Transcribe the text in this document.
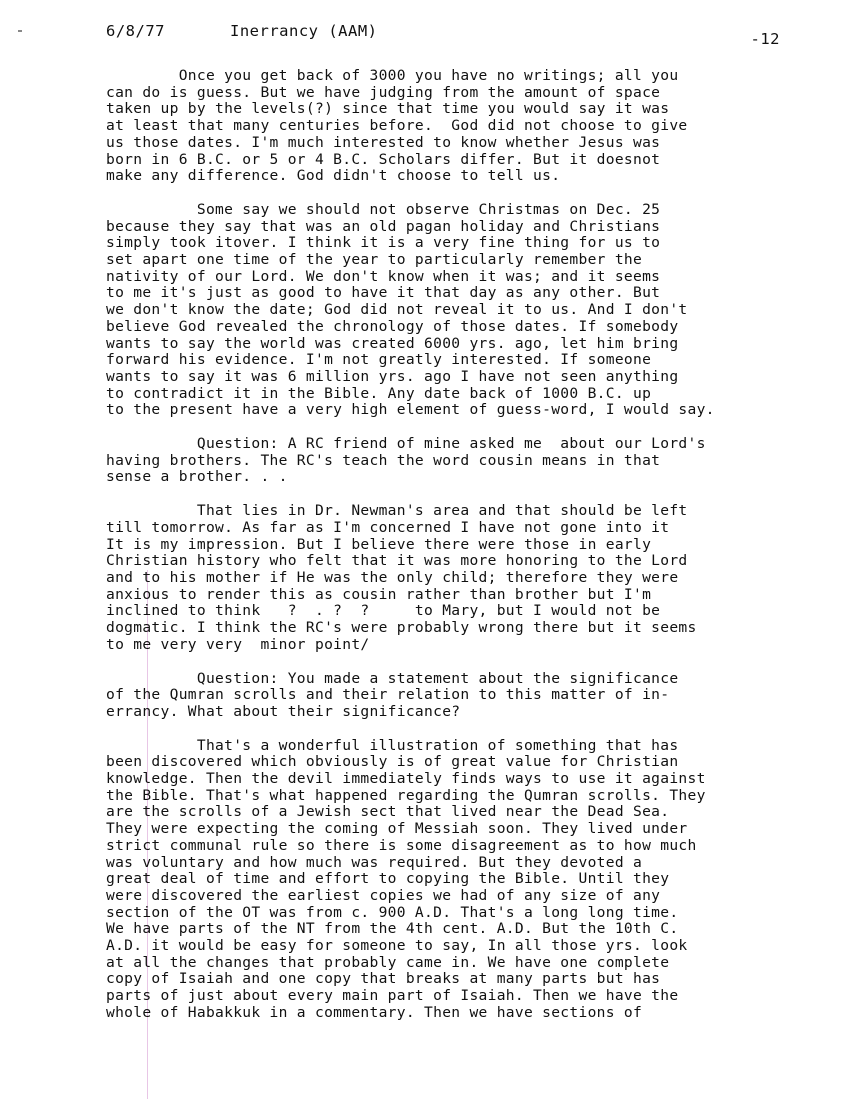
6/8/77	Inerrancy (AAM)	-12
Once you get back of 3000 you have no writings; all you
can do is guess. But we have judging from the amount of space
taken up by the levels(?) since that time you would say it was
at least that many centuries before.  God did not choose to give
us those dates. I'm much interested to know whether Jesus was
born in 6 B.C. or 5 or 4 B.C. Scholars differ. But it doesnot
make any difference. God didn't choose to tell us.
Some say we should not observe Christmas on Dec. 25
because they say that was an old pagan holiday and Christians
simply took itover. I think it is a very fine thing for us to
set apart one time of the year to particularly remember the
nativity of our Lord. We don't know when it was; and it seems
to me it's just as good to have it that day as any other. But
we don't know the date; God did not reveal it to us. And I don't
believe God revealed the chronology of those dates. If somebody
wants to say the world was created 6000 yrs. ago, let him bring
forward his evidence. I'm not greatly interested. If someone
wants to say it was 6 million yrs. ago I have not seen anything
to contradict it in the Bible. Any date back of 1000 B.C. up
to the present have a very high element of guess-word, I would say.
Question: A RC friend of mine asked me  about our Lord's
having brothers. The RC's teach the word cousin means in that
sense a brother. . .
That lies in Dr. Newman's area and that should be left
till tomorrow. As far as I'm concerned I have not gone into it
It is my impression. But I believe there were those in early
Christian history who felt that it was more honoring to the Lord
and to his mother if He was the only child; therefore they were
anxious to render this as cousin rather than brother but I'm
inclined to think   ?  . ?  ?     to Mary, but I would not be
dogmatic. I think the RC's were probably wrong there but it seems
to me very very  minor point/
Question: You made a statement about the significance
of the Qumran scrolls and their relation to this matter of in-
errancy. What about their significance?
That's a wonderful illustration of something that has
been discovered which obviously is of great value for Christian
knowledge. Then the devil immediately finds ways to use it against
the Bible. That's what happened regarding the Qumran scrolls. They
are the scrolls of a Jewish sect that lived near the Dead Sea.
They were expecting the coming of Messiah soon. They lived under
strict communal rule so there is some disagreement as to how much
was voluntary and how much was required. But they devoted a
great deal of time and effort to copying the Bible. Until they
were discovered the earliest copies we had of any size of any
section of the OT was from c. 900 A.D. That's a long long time.
We have parts of the NT from the 4th cent. A.D. But the 10th C.
A.D. it would be easy for someone to say, In all those yrs. look
at all the changes that probably came in. We have one complete
copy of Isaiah and one copy that breaks at many parts but has
parts of just about every main part of Isaiah. Then we have the
whole of Habakkuk in a commentary. Then we have sections of
